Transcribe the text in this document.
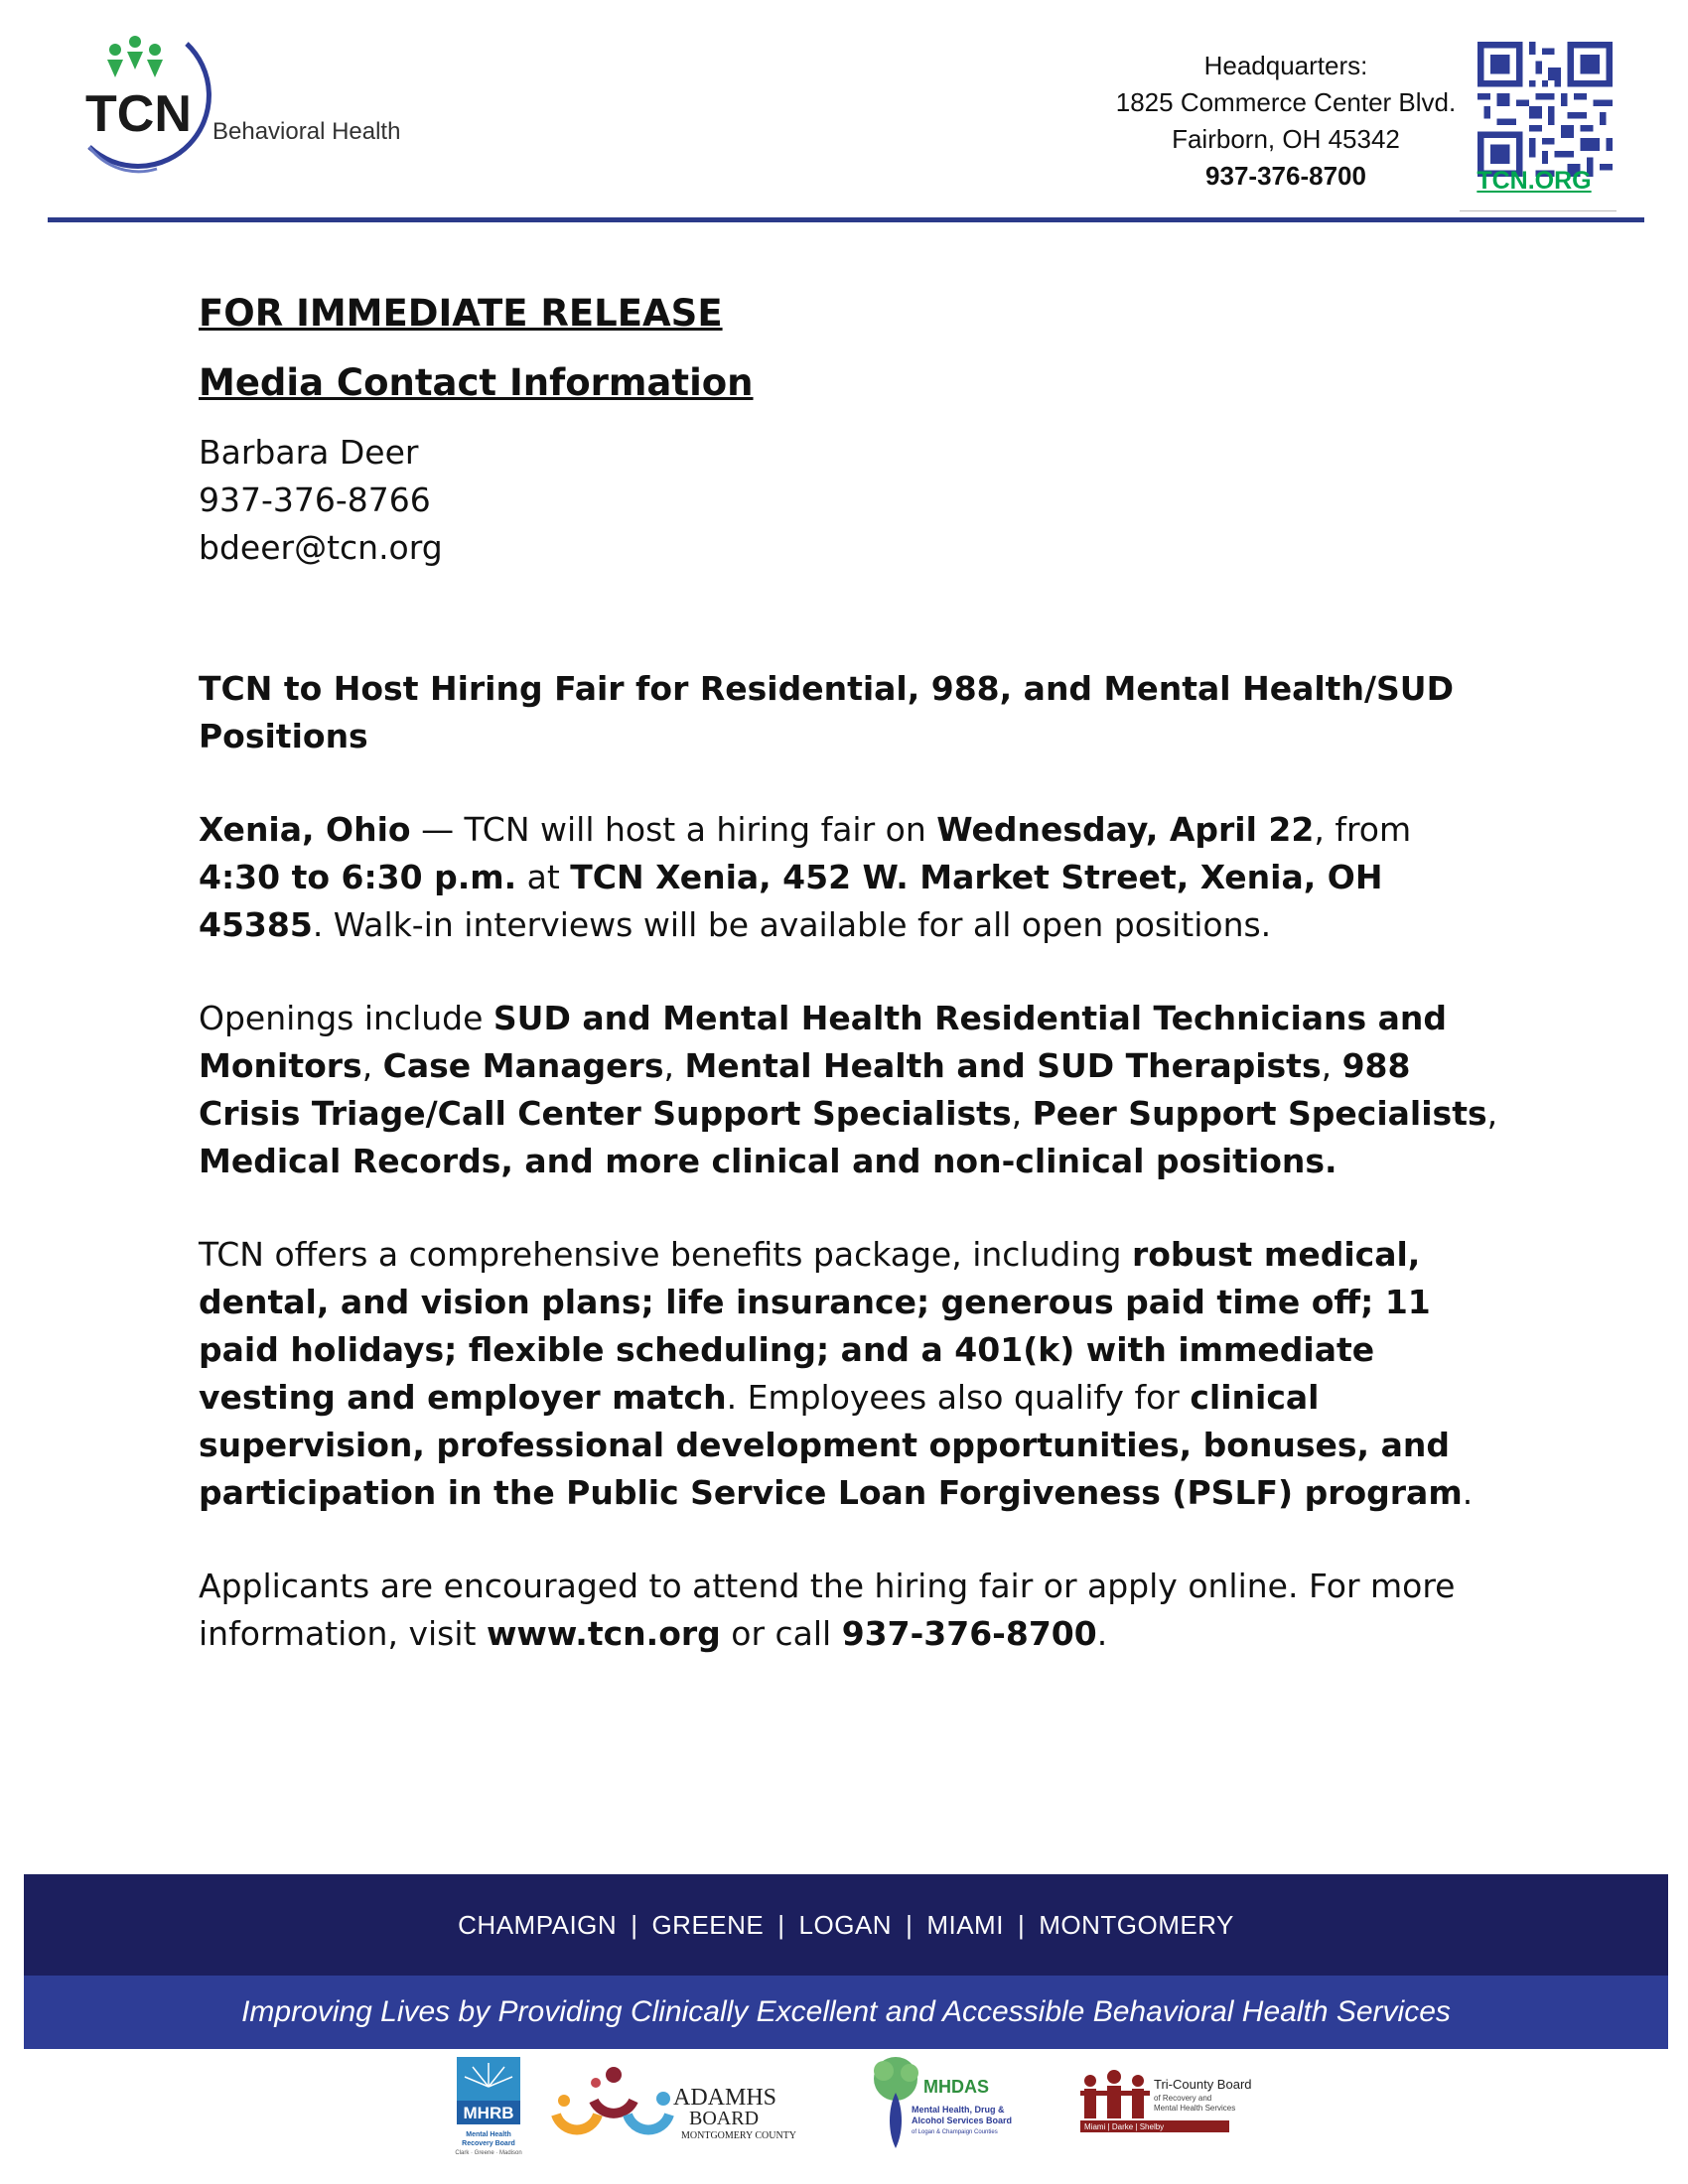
TCN Behavioral Health
Headquarters:
1825 Commerce Center Blvd.
Fairborn, OH 45342
937-376-8700	TCN.ORG
FOR IMMEDIATE RELEASE
Media Contact Information
Barbara Deer
937-376-8766
bdeer@tcn.org
TCN to Host Hiring Fair for Residential, 988, and Mental Health/SUD Positions

Xenia, Ohio — TCN will host a hiring fair on Wednesday, April 22, from 4:30 to 6:30 p.m. at TCN Xenia, 452 W. Market Street, Xenia, OH 45385. Walk-in interviews will be available for all open positions.

Openings include SUD and Mental Health Residential Technicians and Monitors, Case Managers, Mental Health and SUD Therapists, 988 Crisis Triage/Call Center Support Specialists, Peer Support Specialists, Medical Records, and more clinical and non-clinical positions.

TCN offers a comprehensive benefits package, including robust medical, dental, and vision plans; life insurance; generous paid time off; 11 paid holidays; flexible scheduling; and a 401(k) with immediate vesting and employer match. Employees also qualify for clinical supervision, professional development opportunities, bonuses, and participation in the Public Service Loan Forgiveness (PSLF) program.

Applicants are encouraged to attend the hiring fair or apply online. For more information, visit www.tcn.org or call 937-376-8700.

CHAMPAIGN | GREENE | LOGAN | MIAMI | MONTGOMERY
Improving Lives by Providing Clinically Excellent and Accessible Behavioral Health Services
MHRB
Mental Health
Recovery Board
Clark · Greene · Madison
ADAMHS
BOARD
MONTGOMERY COUNTY
MHDAS
Mental Health, Drug &
Alcohol Services Board
of Logan & Champaign Counties
Tri-County Board
of Recovery and
Mental Health Services
Miami | Darke | Shelby
